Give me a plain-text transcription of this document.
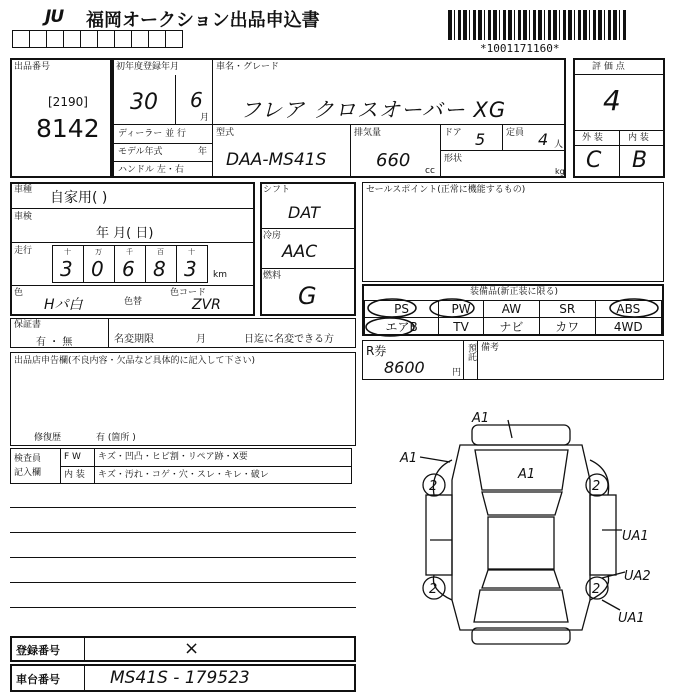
JU 福岡オークション出品申込書
*1001171160*
出品番号
[2190]
8142
初年度登録年月
30 6
月
ディーラー 並 行
モデル年式	年
ハンドル 左・右
車名・グレード
フレア クロスオーバー XG
型式
DAA-MS41S
排気量
660 cc
ドア 5 定員 4 人
形状
kg
評 価 点
4
外 装	内 装
C B
車種 自家用( )
車検
年 月( 日)
走行	十	万	千	百	十
3 0 6 8 3 km
色
Hパ白	色替
色コード
ZVR
シフト
DAT
冷房
AAC
燃料
G
セールスポイント(正常に機能するもの)
装備品(新正装に限る)
PS	PW	AW	SR	ABS
エアB	TV	ナビ	カワ	4WD
保証書
有 ・ 無	名変期限	月	日迄に名変できる方
R券
8600	円
預託 備考
出品店申告欄(不良内容・欠品など具体的に記入して下さい)
修復歴	有 (箇所 )
検査員
記入欄
F W キズ・凹凸・ヒビ割・リペア跡・X要
内 装 キズ・汚れ・コゲ・穴・スレ・キレ・破レ
A1
A1
A1
2	2
2	2
UA1
UA2
UA1
登録番号	×
車台番号	MS41S - 179523
